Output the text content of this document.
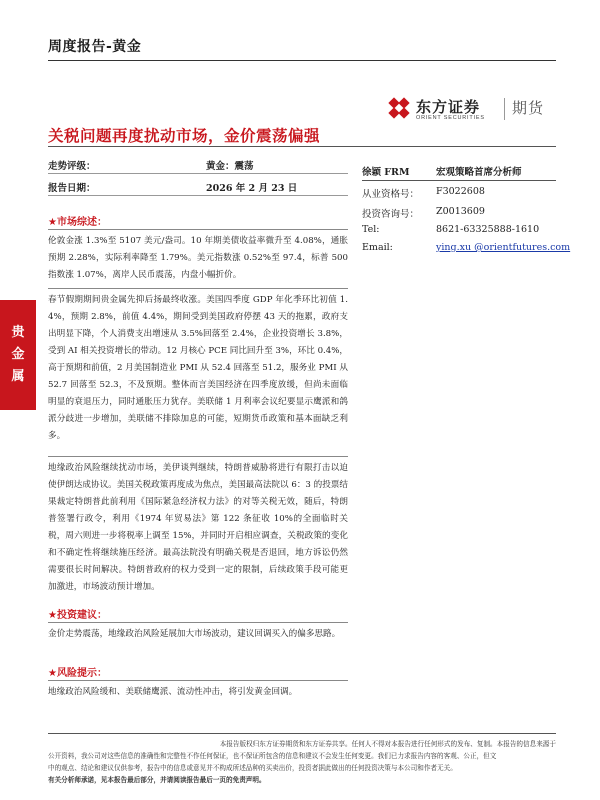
周度报告-黄金
东方证券
ORIENT SECURITIES
期货
关税问题再度扰动市场，金价震荡偏强
走势评级：	黄金：震荡
报告日期：	2026 年 2 月 23 日
徐颖 FRM	宏观策略首席分析师
从业资格号： F3022608
投资咨询号： Z0013609
Tel:	8621-63325888-1610
Email:	ying.xu @orientfutures.com
贵
金
属
★市场综述：
伦敦金涨 1.3%至 5107 美元/盎司。10 年期美债收益率微升至 4.08%，通胀预期 2.28%，实际利率降至 1.79%。美元指数涨 0.52%至 97.4，标普 500 指数涨 1.07%，离岸人民币震荡，内盘小幅折价。
春节假期期间贵金属先抑后扬最终收涨。美国四季度 GDP 年化季环比初值 1.4%，预期 2.8%，前值 4.4%，期间受到美国政府停摆 43 天的拖累，政府支出明显下降，个人消费支出增速从 3.5%回落至 2.4%，企业投资增长 3.8%，受到 AI 相关投资增长的带动。12 月核心 PCE 同比回升至 3%，环比 0.4%，高于预期和前值，2 月美国制造业 PMI 从 52.4 回落至 51.2，服务业 PMI 从 52.7 回落至 52.3，不及预期。整体而言美国经济在四季度放缓，但尚未面临明显的衰退压力，同时通胀压力犹存。美联储 1 月利率会议纪要显示鹰派和鸽派分歧进一步增加，美联储不排除加息的可能，短期货币政策和基本面缺乏利多。
地缘政治风险继续扰动市场，美伊谈判继续，特朗普威胁将进行有限打击以迫使伊朗达成协议。美国关税政策再度成为焦点，美国最高法院以 6：3 的投票结果裁定特朗普此前利用《国际紧急经济权力法》的对等关税无效，随后，特朗普签署行政令，利用《1974 年贸易法》第 122 条征收 10%的全面临时关税，周六则进一步将税率上调至 15%，并同时开启相应调查，关税政策的变化和不确定性将继续施压经济。最高法院没有明确关税是否退回，地方诉讼仍然需要很长时间解决。特朗普政府的权力受到一定的限制，后续政策手段可能更加激进，市场波动预计增加。
★投资建议：
金价走势震荡，地缘政治风险延展加大市场波动，建议回调买入的偏多思路。
★风险提示：
地缘政治风险缓和、美联储鹰派、流动性冲击，将引发黄金回调。
本报告版权归东方证券期货和东方证券共享。任何人不得对本报告进行任何形式的发布、复制。本报告的信息来源于
公开资料，我公司对这些信息的准确性和完整性不作任何保证，也不保证所包含的信息和建议不会发生任何变更。我们已力求报告内容的客观、公正，但文
中的观点、结论和建议仅供参考，报告中的信息或意见并不构成所述品种的买卖出价，投资者据此做出的任何投资决策与本公司和作者无关。
有关分析师承诺，见本报告最后部分，并请阅读报告最后一页的免责声明。
